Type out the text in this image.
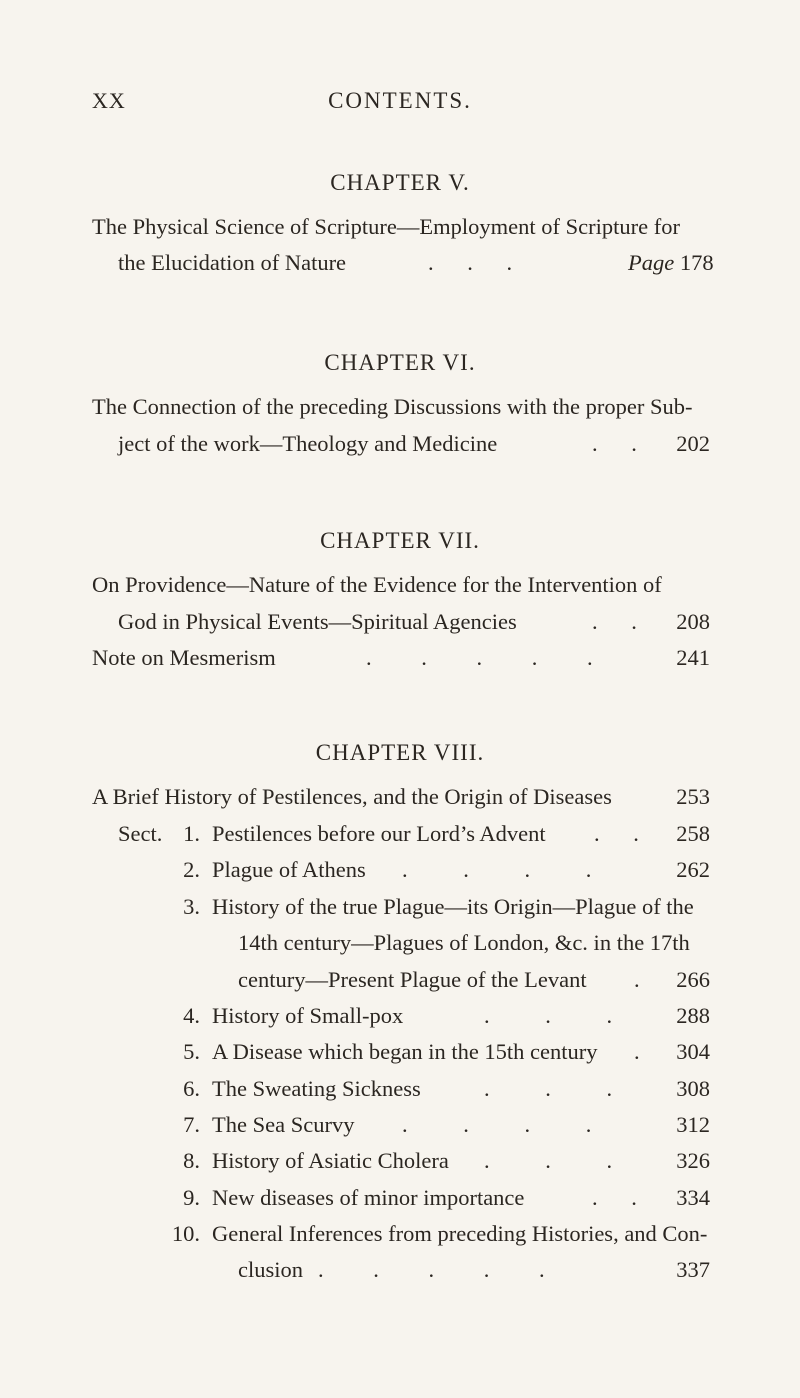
XX	CONTENTS.
CHAPTER V.
The Physical Science of Scripture—Employment of Scripture for
the Elucidation of Nature	. . .	Page 178
CHAPTER VI.
The Connection of the preceding Discussions with the proper Sub-
ject of the work—Theology and Medicine	. . 202
CHAPTER VII.
On Providence—Nature of the Evidence for the Intervention of
God in Physical Events—Spiritual Agencies	. . 208
Note on Mesmerism	. . . . .	241
CHAPTER VIII.
A Brief History of Pestilences, and the Origin of Diseases	253
Sect. 1. Pestilences before our Lord’s Advent . . 258
2. Plague of Athens . . . .	262
3. History of the true Plague—its Origin—Plague of the
14th century—Plagues of London, &c. in the 17th
century—Present Plague of the Levant . 266
4. History of Small-pox	. . .	288
5. A Disease which began in the 15th century . 304
6. The Sweating Sickness	. . .	308
7. The Sea Scurvy . . . .	312
8. History of Asiatic Cholera . . .	326
9. New diseases of minor importance	. . 334
10. General Inferences from preceding Histories, and Con-
clusion . . . . .	337
